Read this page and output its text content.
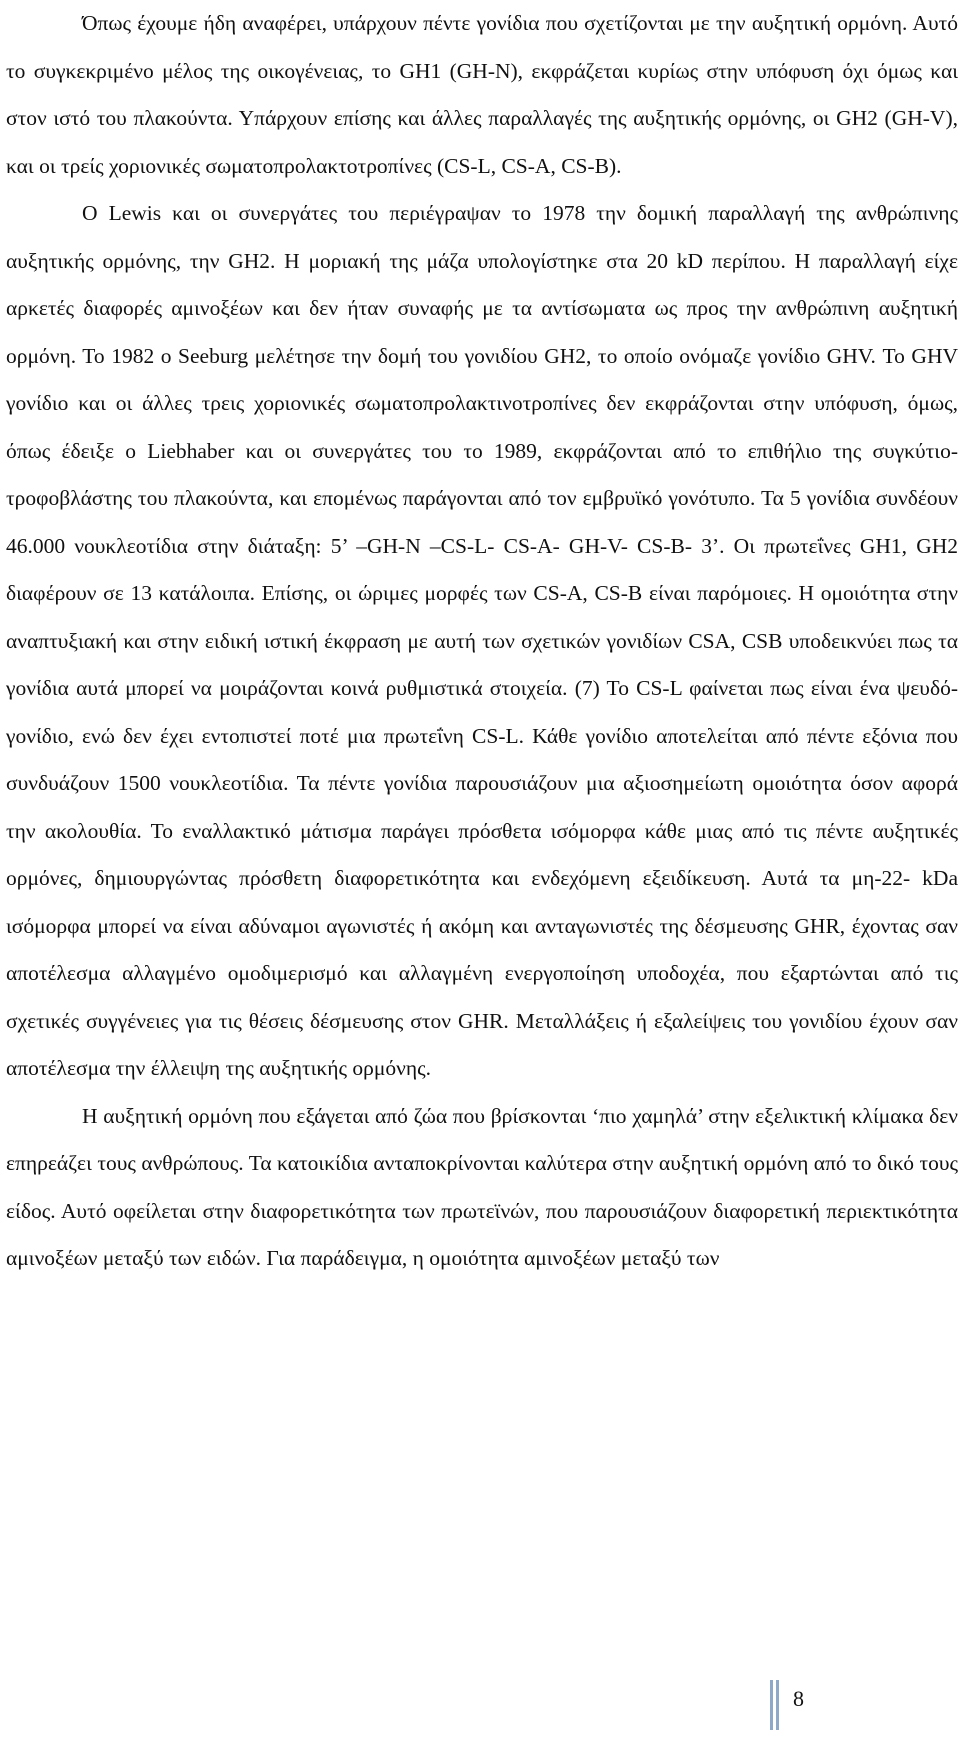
Όπως έχουμε ήδη αναφέρει, υπάρχουν πέντε γονίδια που σχετίζονται με την αυξητική ορμόνη. Αυτό το συγκεκριμένο μέλος της οικογένειας, το GH1 (GH-N), εκφράζεται κυρίως στην υπόφυση όχι όμως και στον ιστό του πλακούντα. Υπάρχουν επίσης και άλλες παραλλαγές της αυξητικής ορμόνης, οι GH2 (GH-V), και οι τρείς χοριονικές σωματοπρολακτοτροπίνες (CS-L, CS-A, CS-B).

Ο Lewis και οι συνεργάτες του περιέγραψαν το 1978 την δομική παραλλαγή της ανθρώπινης αυξητικής ορμόνης, την GH2. Η μοριακή της μάζα υπολογίστηκε στα 20 kD περίπου. Η παραλλαγή είχε αρκετές διαφορές αμινοξέων και δεν ήταν συναφής με τα αντίσωματα ως προς την ανθρώπινη αυξητική ορμόνη. Το 1982 ο Seeburg μελέτησε την δομή του γονιδίου GH2, το οποίο ονόμαζε γονίδιο GHV. Το GHV γονίδιο και οι άλλες τρεις χοριονικές σωματοπρολακτινοτροπίνες δεν εκφράζονται στην υπόφυση, όμως, όπως έδειξε ο Liebhaber και οι συνεργάτες του το 1989, εκφράζονται από το επιθήλιο της συγκύτιο-τροφοβλάστης του πλακούντα, και επομένως παράγονται από τον εμβρυϊκό γονότυπο. Τα 5 γονίδια συνδέουν 46.000 νουκλεοτίδια στην διάταξη: 5’ –GH-N –CS-L- CS-A- GH-V- CS-B- 3’. Οι πρωτεΐνες GH1, GH2 διαφέρουν σε 13 κατάλοιπα. Επίσης, οι ώριμες μορφές των CS-A, CS-B είναι παρόμοιες. Η ομοιότητα στην αναπτυξιακή και στην ειδική ιστική έκφραση με αυτή των σχετικών γονιδίων CSA, CSB υποδεικνύει πως τα γονίδια αυτά μπορεί να μοιράζονται κοινά ρυθμιστικά στοιχεία. (7) Το CS-L φαίνεται πως είναι ένα ψευδό-γονίδιο, ενώ δεν έχει εντοπιστεί ποτέ μια πρωτεΐνη CS-L. Κάθε γονίδιο αποτελείται από πέντε εξόνια που συνδυάζουν 1500 νουκλεοτίδια. Τα πέντε γονίδια παρουσιάζουν μια αξιοσημείωτη ομοιότητα όσον αφορά την ακολουθία. Το εναλλακτικό μάτισμα παράγει πρόσθετα ισόμορφα κάθε μιας από τις πέντε αυξητικές ορμόνες, δημιουργώντας πρόσθετη διαφορετικότητα και ενδεχόμενη εξειδίκευση. Αυτά τα μη-22- kDa ισόμορφα μπορεί να είναι αδύναμοι αγωνιστές ή ακόμη και ανταγωνιστές της δέσμευσης GHR, έχοντας σαν αποτέλεσμα αλλαγμένο ομοδιμερισμό και αλλαγμένη ενεργοποίηση υποδοχέα, που εξαρτώνται από τις σχετικές συγγένειες για τις θέσεις δέσμευσης στον GHR. Μεταλλάξεις ή εξαλείψεις του γονιδίου έχουν σαν αποτέλεσμα την έλλειψη της αυξητικής ορμόνης.

Η αυξητική ορμόνη που εξάγεται από ζώα που βρίσκονται ‘πιο χαμηλά’ στην εξελικτική κλίμακα δεν επηρεάζει τους ανθρώπους. Τα κατοικίδια ανταποκρίνονται καλύτερα στην αυξητική ορμόνη από το δικό τους είδος. Αυτό οφείλεται στην διαφορετικότητα των πρωτεϊνών, που παρουσιάζουν διαφορετική περιεκτικότητα αμινοξέων μεταξύ των ειδών. Για παράδειγμα, η ομοιότητα αμινοξέων μεταξύ των

8
